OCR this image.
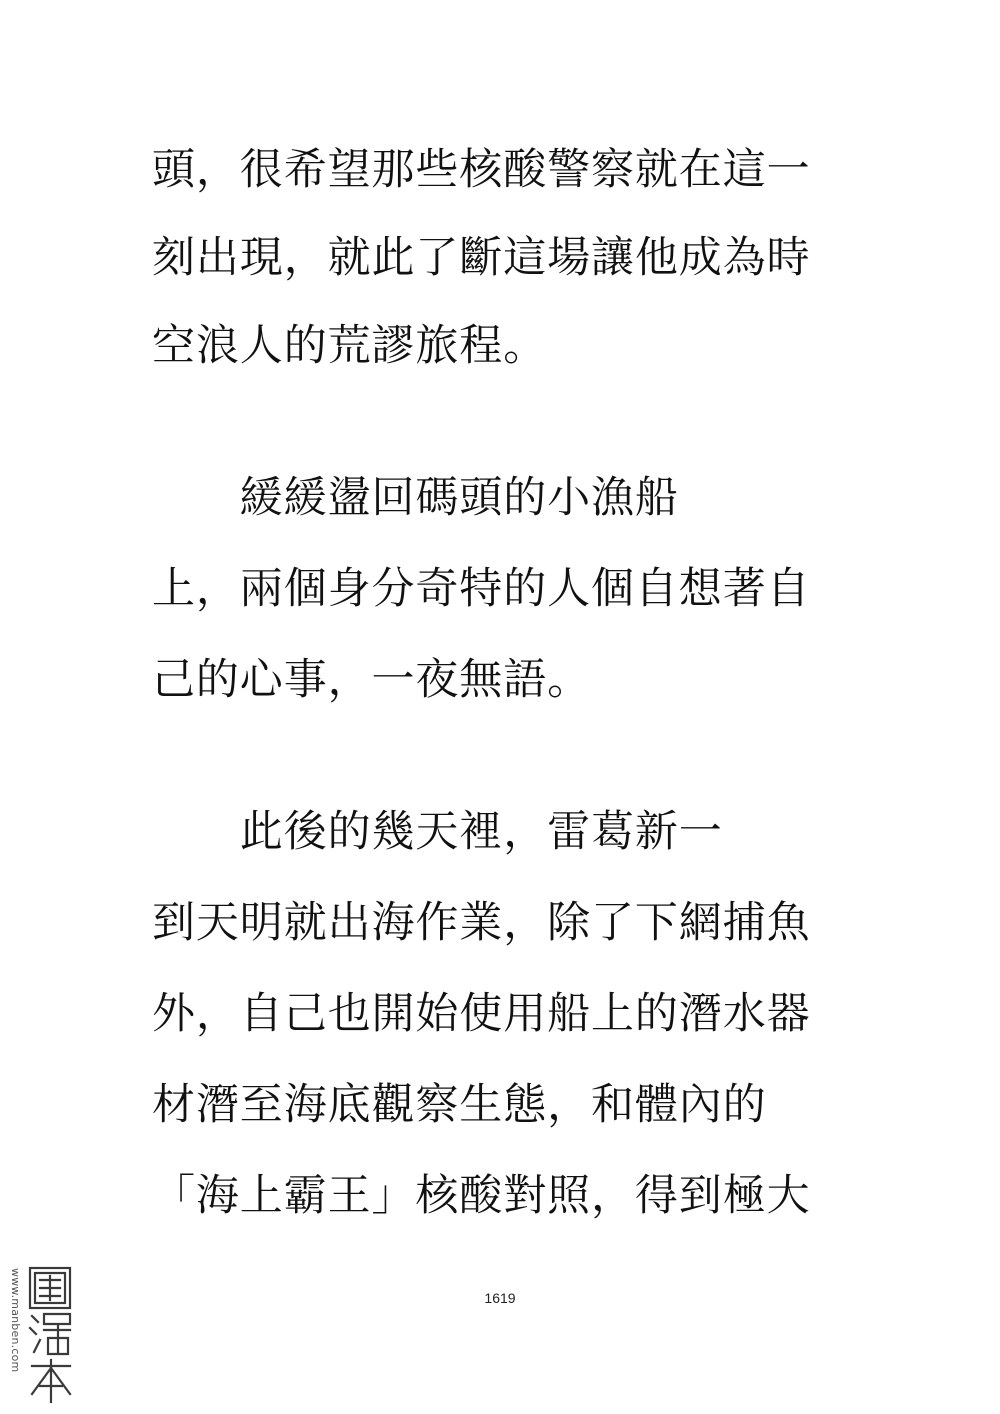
頭，很希望那些核酸警察就在這一
刻出現，就此了斷這場讓他成為時
空浪人的荒謬旅程。
　　緩緩盪回碼頭的小漁船
上，兩個身分奇特的人個自想著自
己的心事，一夜無語。
　　此後的幾天裡，雷葛新一
到天明就出海作業，除了下網捕魚
外，自己也開始使用船上的潛水器
材潛至海底觀察生態，和體內的
「海上霸王」核酸對照，得到極大
1619
www.manben.com
